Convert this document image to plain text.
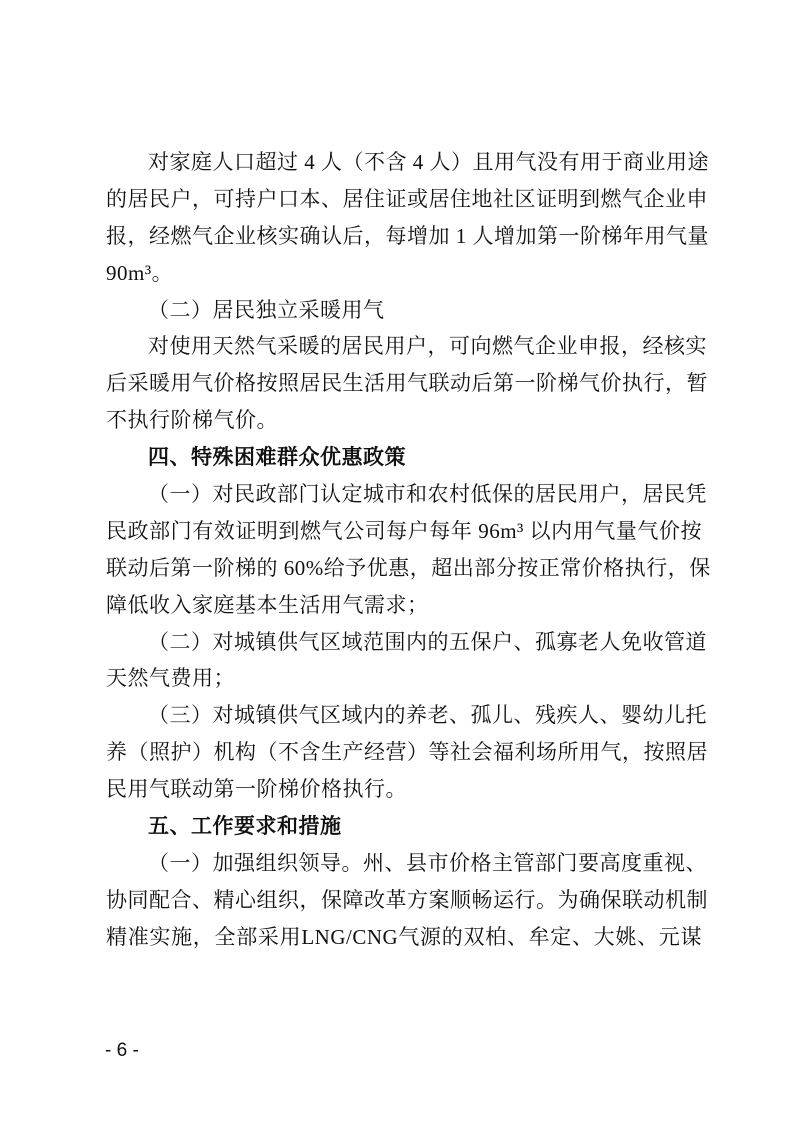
对家庭人口超过 4 人（不含 4 人）且用气没有用于商业用途
的居民户，可持户口本、居住证或居住地社区证明到燃气企业申
报，经燃气企业核实确认后，每增加 1 人增加第一阶梯年用气量
90m³。
（二）居民独立采暖用气
对使用天然气采暖的居民用户，可向燃气企业申报，经核实
后采暖用气价格按照居民生活用气联动后第一阶梯气价执行，暂
不执行阶梯气价。
四、特殊困难群众优惠政策
（一）对民政部门认定城市和农村低保的居民用户，居民凭
民政部门有效证明到燃气公司每户每年 96m³ 以内用气量气价按
联动后第一阶梯的 60%给予优惠，超出部分按正常价格执行，保
障低收入家庭基本生活用气需求；
（二）对城镇供气区域范围内的五保户、孤寡老人免收管道
天然气费用；
（三）对城镇供气区域内的养老、孤儿、残疾人、婴幼儿托
养（照护）机构（不含生产经营）等社会福利场所用气，按照居
民用气联动第一阶梯价格执行。
五、工作要求和措施
（一）加强组织领导。州、县市价格主管部门要高度重视、
协同配合、精心组织，保障改革方案顺畅运行。为确保联动机制
精准实施，全部采用LNG/CNG气源的双柏、牟定、大姚、元谋
- 6 -
